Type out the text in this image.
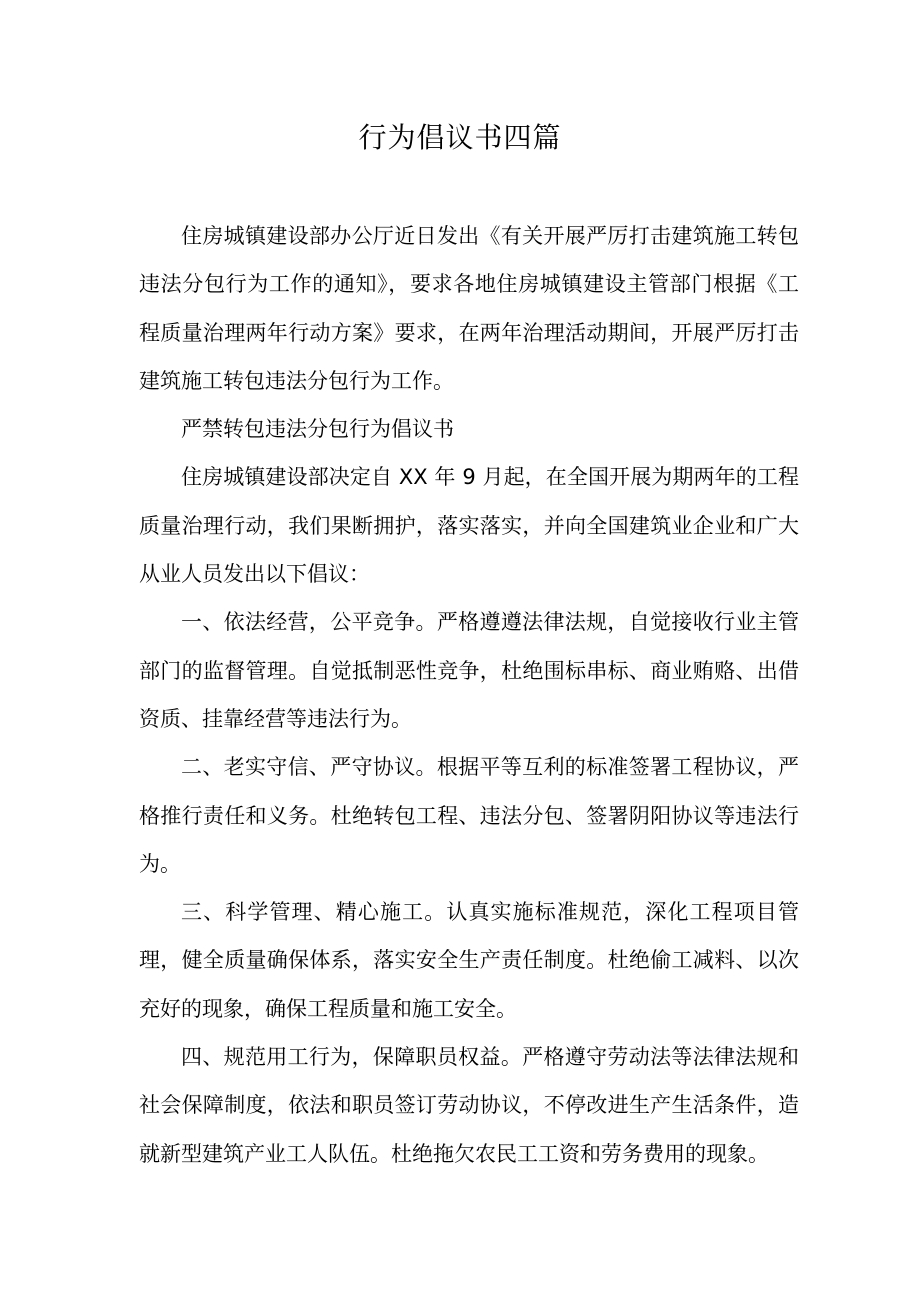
行为倡议书四篇

住房城镇建设部办公厅近日发出《有关开展严厉打击建筑施工转包违法分包行为工作的通知》，要求各地住房城镇建设主管部门根据《工程质量治理两年行动方案》要求，在两年治理活动期间，开展严厉打击建筑施工转包违法分包行为工作。

严禁转包违法分包行为倡议书

住房城镇建设部决定自 XX 年 9 月起，在全国开展为期两年的工程质量治理行动，我们果断拥护，落实落实，并向全国建筑业企业和广大从业人员发出以下倡议：

一、依法经营，公平竞争。严格遵遵法律法规，自觉接收行业主管部门的监督管理。自觉抵制恶性竞争，杜绝围标串标、商业贿赂、出借资质、挂靠经营等违法行为。

二、老实守信、严守协议。根据平等互利的标准签署工程协议，严格推行责任和义务。杜绝转包工程、违法分包、签署阴阳协议等违法行为。

三、科学管理、精心施工。认真实施标准规范，深化工程项目管理，健全质量确保体系，落实安全生产责任制度。杜绝偷工减料、以次充好的现象，确保工程质量和施工安全。

四、规范用工行为，保障职员权益。严格遵守劳动法等法律法规和社会保障制度，依法和职员签订劳动协议，不停改进生产生活条件，造就新型建筑产业工人队伍。杜绝拖欠农民工工资和劳务费用的现象。
